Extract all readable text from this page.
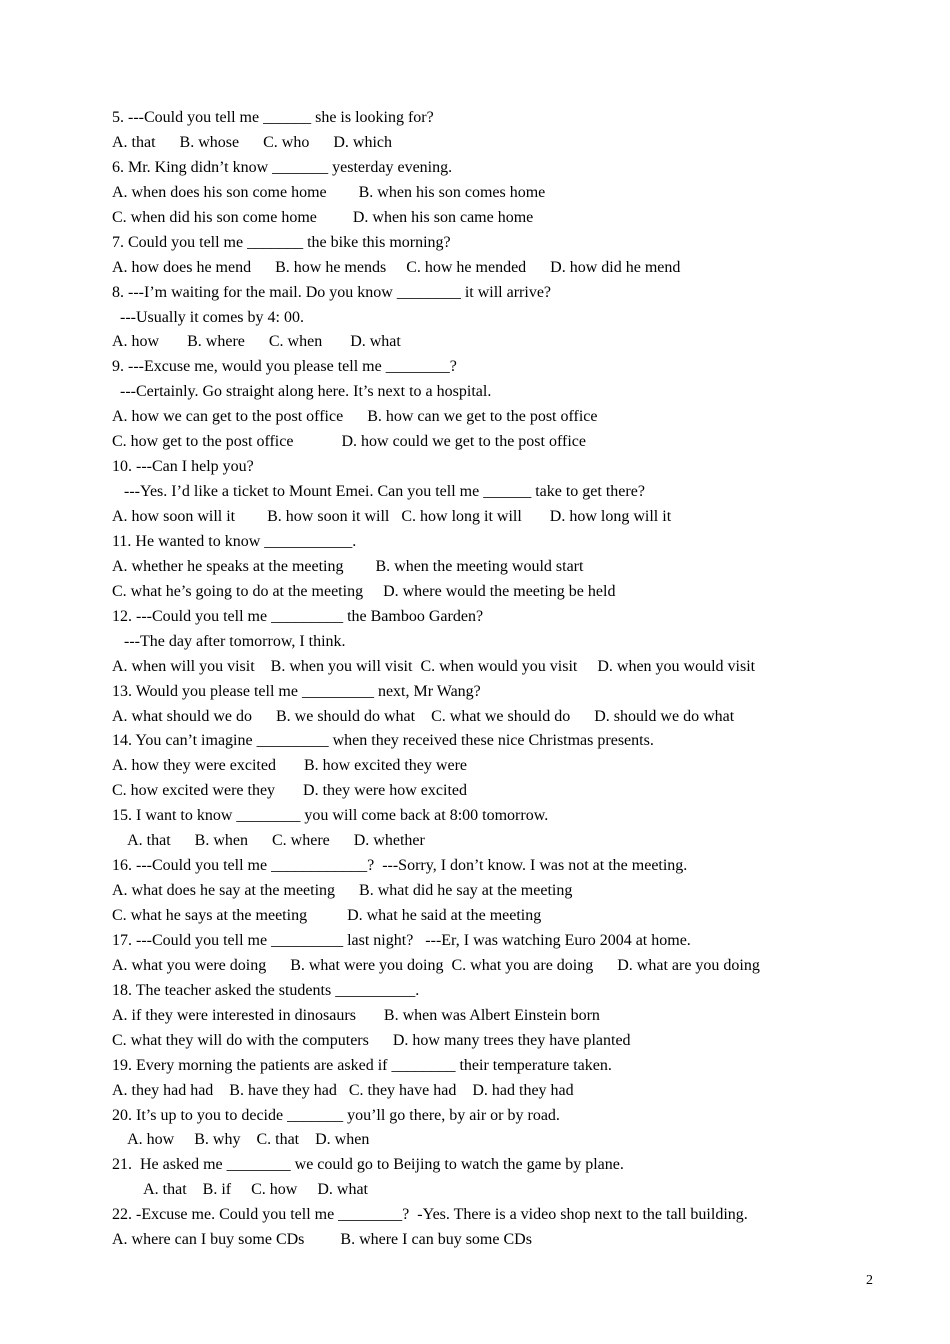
5. ---Could you tell me ______ she is looking for?
A. that      B. whose      C. who      D. which
6. Mr. King didn’t know _______ yesterday evening.
A. when does his son come home        B. when his son comes home
C. when did his son come home         D. when his son came home
7. Could you tell me _______ the bike this morning?
A. how does he mend      B. how he mends     C. how he mended      D. how did he mend
8. ---I’m waiting for the mail. Do you know ________ it will arrive?
---Usually it comes by 4: 00.
A. how       B. where      C. when       D. what
9. ---Excuse me, would you please tell me ________?
---Certainly. Go straight along here. It’s next to a hospital.
A. how we can get to the post office      B. how can we get to the post office
C. how get to the post office            D. how could we get to the post office
10. ---Can I help you?
---Yes. I’d like a ticket to Mount Emei. Can you tell me ______ take to get there?
A. how soon will it        B. how soon it will   C. how long it will       D. how long will it
11. He wanted to know ___________.
A. whether he speaks at the meeting        B. when the meeting would start
C. what he’s going to do at the meeting     D. where would the meeting be held
12. ---Could you tell me _________ the Bamboo Garden?
---The day after tomorrow, I think.
A. when will you visit    B. when you will visit  C. when would you visit     D. when you would visit
13. Would you please tell me _________ next, Mr Wang?
A. what should we do      B. we should do what    C. what we should do      D. should we do what
14. You can’t imagine _________ when they received these nice Christmas presents.
A. how they were excited       B. how excited they were
C. how excited were they       D. they were how excited
15. I want to know ________ you will come back at 8:00 tomorrow.
A. that      B. when      C. where      D. whether
16. ---Could you tell me ____________?  ---Sorry, I don’t know. I was not at the meeting.
A. what does he say at the meeting      B. what did he say at the meeting
C. what he says at the meeting          D. what he said at the meeting
17. ---Could you tell me _________ last night?   ---Er, I was watching Euro 2004 at home.
A. what you were doing      B. what were you doing  C. what you are doing      D. what are you doing
18. The teacher asked the students __________.
A. if they were interested in dinosaurs       B. when was Albert Einstein born
C. what they will do with the computers      D. how many trees they have planted
19. Every morning the patients are asked if ________ their temperature taken.
A. they had had    B. have they had   C. they have had    D. had they had
20. It’s up to you to decide _______ you’ll go there, by air or by road.
A. how     B. why    C. that    D. when
21.  He asked me ________ we could go to Beijing to watch the game by plane.
A. that    B. if     C. how     D. what
22. -Excuse me. Could you tell me ________?  -Yes. There is a video shop next to the tall building.
A. where can I buy some CDs         B. where I can buy some CDs
2
